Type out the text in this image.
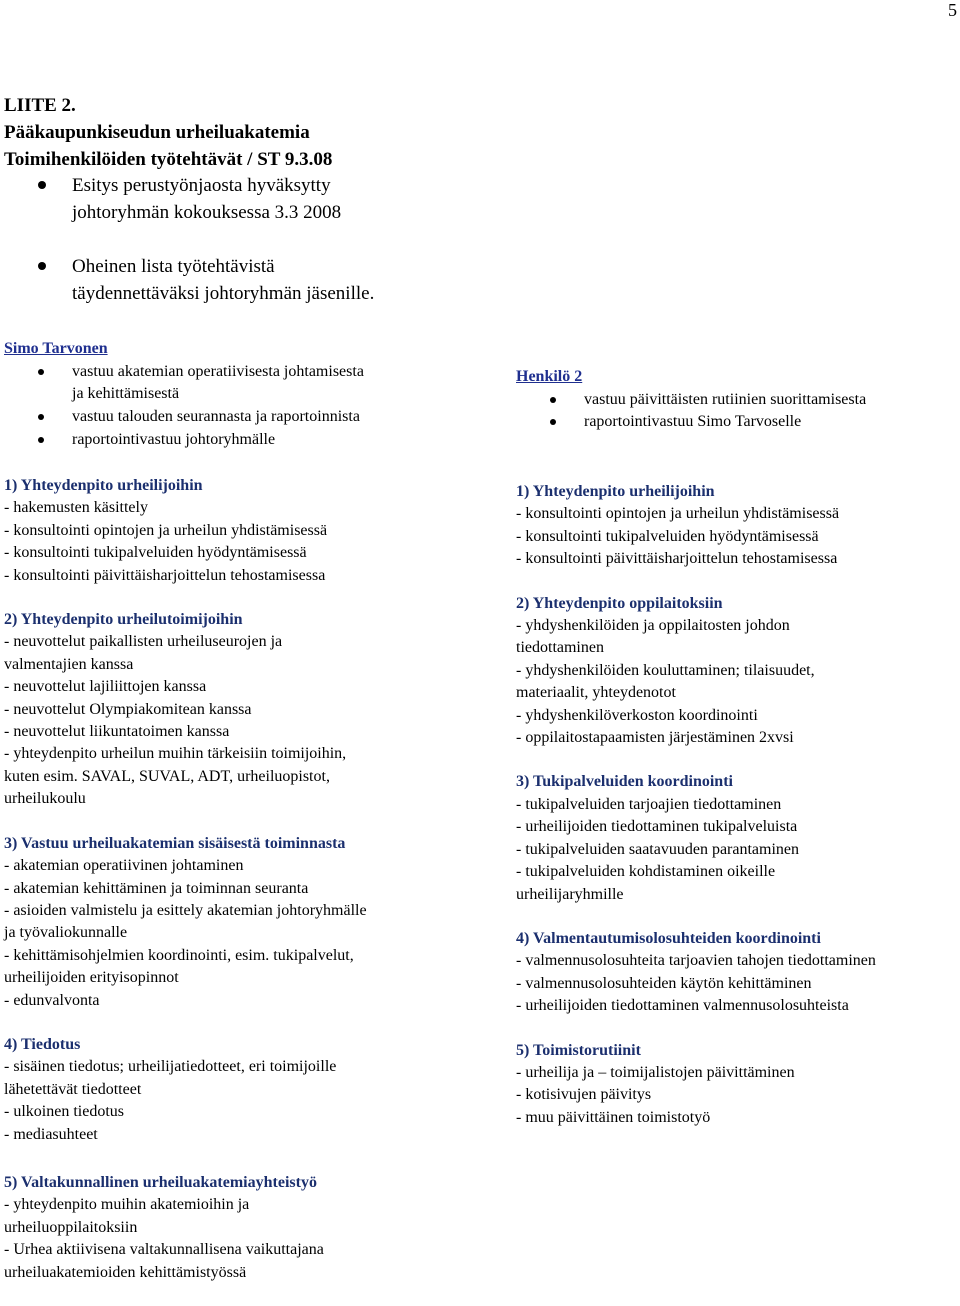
5
LIITE 2.
Pääkaupunkiseudun urheiluakatemia
Toimihenkilöiden työtehtävät / ST 9.3.08
Esitys perustyönjaosta hyväksytty
johtoryhmän kokouksessa 3.3 2008
Oheinen lista työtehtävistä
täydennettäväksi johtoryhmän jäsenille.
Simo Tarvonen
vastuu akatemian operatiivisesta johtamisesta
ja kehittämisestä
vastuu talouden seurannasta ja raportoinnista
raportointivastuu johtoryhmälle
Henkilö 2
vastuu päivittäisten rutiinien suorittamisesta
raportointivastuu Simo Tarvoselle
1) Yhteydenpito urheilijoihin
- hakemusten käsittely
- konsultointi opintojen ja urheilun yhdistämisessä
- konsultointi tukipalveluiden hyödyntämisessä
- konsultointi päivittäisharjoittelun tehostamisessa
2) Yhteydenpito urheilutoimijoihin
- neuvottelut paikallisten urheiluseurojen ja
valmentajien kanssa
- neuvottelut lajiliittojen kanssa
- neuvottelut Olympiakomitean kanssa
- neuvottelut liikuntatoimen kanssa
- yhteydenpito urheilun muihin tärkeisiin toimijoihin,
kuten esim. SAVAL, SUVAL, ADT, urheiluopistot,
urheilukoulu
3) Vastuu urheiluakatemian sisäisestä toiminnasta
- akatemian operatiivinen johtaminen
- akatemian kehittäminen ja toiminnan seuranta
- asioiden valmistelu ja esittely akatemian johtoryhmälle
ja työvaliokunnalle
- kehittämisohjelmien koordinointi, esim. tukipalvelut,
urheilijoiden erityisopinnot
- edunvalvonta
4) Tiedotus
- sisäinen tiedotus; urheilijatiedotteet, eri toimijoille
lähetettävät tiedotteet
- ulkoinen tiedotus
- mediasuhteet
5) Valtakunnallinen urheiluakatemiayhteistyö
- yhteydenpito muihin akatemioihin ja
urheiluoppilaitoksiin
- Urhea aktiivisena valtakunnallisena vaikuttajana
urheiluakatemioiden kehittämistyössä
1) Yhteydenpito urheilijoihin
- konsultointi opintojen ja urheilun yhdistämisessä
- konsultointi tukipalveluiden hyödyntämisessä
- konsultointi päivittäisharjoittelun tehostamisessa
2) Yhteydenpito oppilaitoksiin
- yhdyshenkilöiden ja oppilaitosten johdon
tiedottaminen
- yhdyshenkilöiden kouluttaminen; tilaisuudet,
materiaalit, yhteydenotot
- yhdyshenkilöverkoston koordinointi
- oppilaitostapaamisten järjestäminen 2xvsi
3) Tukipalveluiden koordinointi
- tukipalveluiden tarjoajien tiedottaminen
- urheilijoiden tiedottaminen tukipalveluista
- tukipalveluiden saatavuuden parantaminen
- tukipalveluiden kohdistaminen oikeille
urheilijaryhmille
4) Valmentautumisolosuhteiden koordinointi
- valmennusolosuhteita tarjoavien tahojen tiedottaminen
- valmennusolosuhteiden käytön kehittäminen
- urheilijoiden tiedottaminen valmennusolosuhteista
5) Toimistorutiinit
- urheilija ja – toimijalistojen päivittäminen
- kotisivujen päivitys
- muu päivittäinen toimistotyö
